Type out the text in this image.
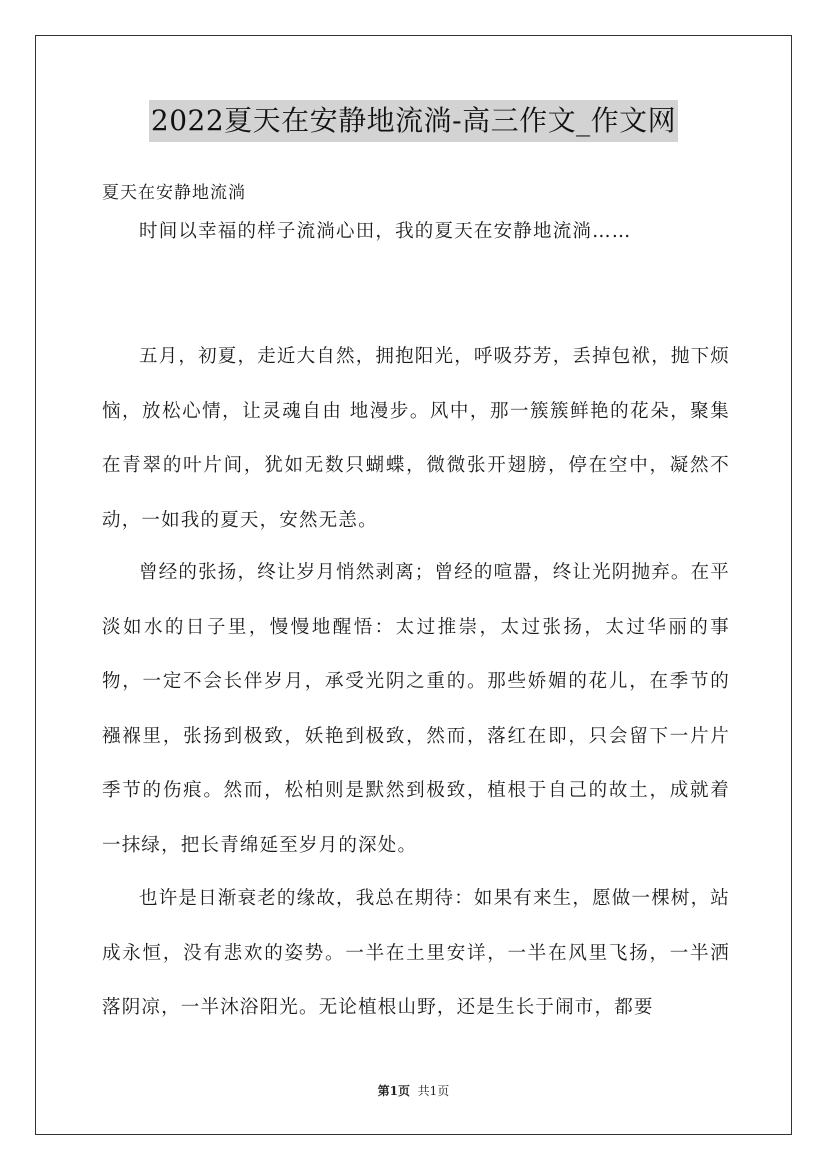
2022夏天在安静地流淌-高三作文_作文网
夏天在安静地流淌

时间以幸福的样子流淌心田，我的夏天在安静地流淌……

五月，初夏，走近大自然，拥抱阳光，呼吸芬芳，丢掉包袱，抛下烦恼，放松心情，让灵魂自由 地漫步。风中，那一簇簇鲜艳的花朵，聚集在青翠的叶片间，犹如无数只蝴蝶，微微张开翅膀，停在空中，凝然不动，一如我的夏天，安然无恙。

曾经的张扬，终让岁月悄然剥离；曾经的喧嚣，终让光阴抛弃。在平淡如水的日子里，慢慢地醒悟：太过推崇，太过张扬，太过华丽的事物，一定不会长伴岁月，承受光阴之重的。那些娇媚的花儿，在季节的襁褓里，张扬到极致，妖艳到极致，然而，落红在即，只会留下一片片季节的伤痕。然而，松柏则是默然到极致，植根于自己的故土，成就着一抹绿，把长青绵延至岁月的深处。

也许是日渐衰老的缘故，我总在期待：如果有来生，愿做一棵树，站成永恒，没有悲欢的姿势。一半在土里安详，一半在风里飞扬，一半洒落阴凉，一半沐浴阳光。无论植根山野，还是生长于闹市，都要

第1页 共1页
